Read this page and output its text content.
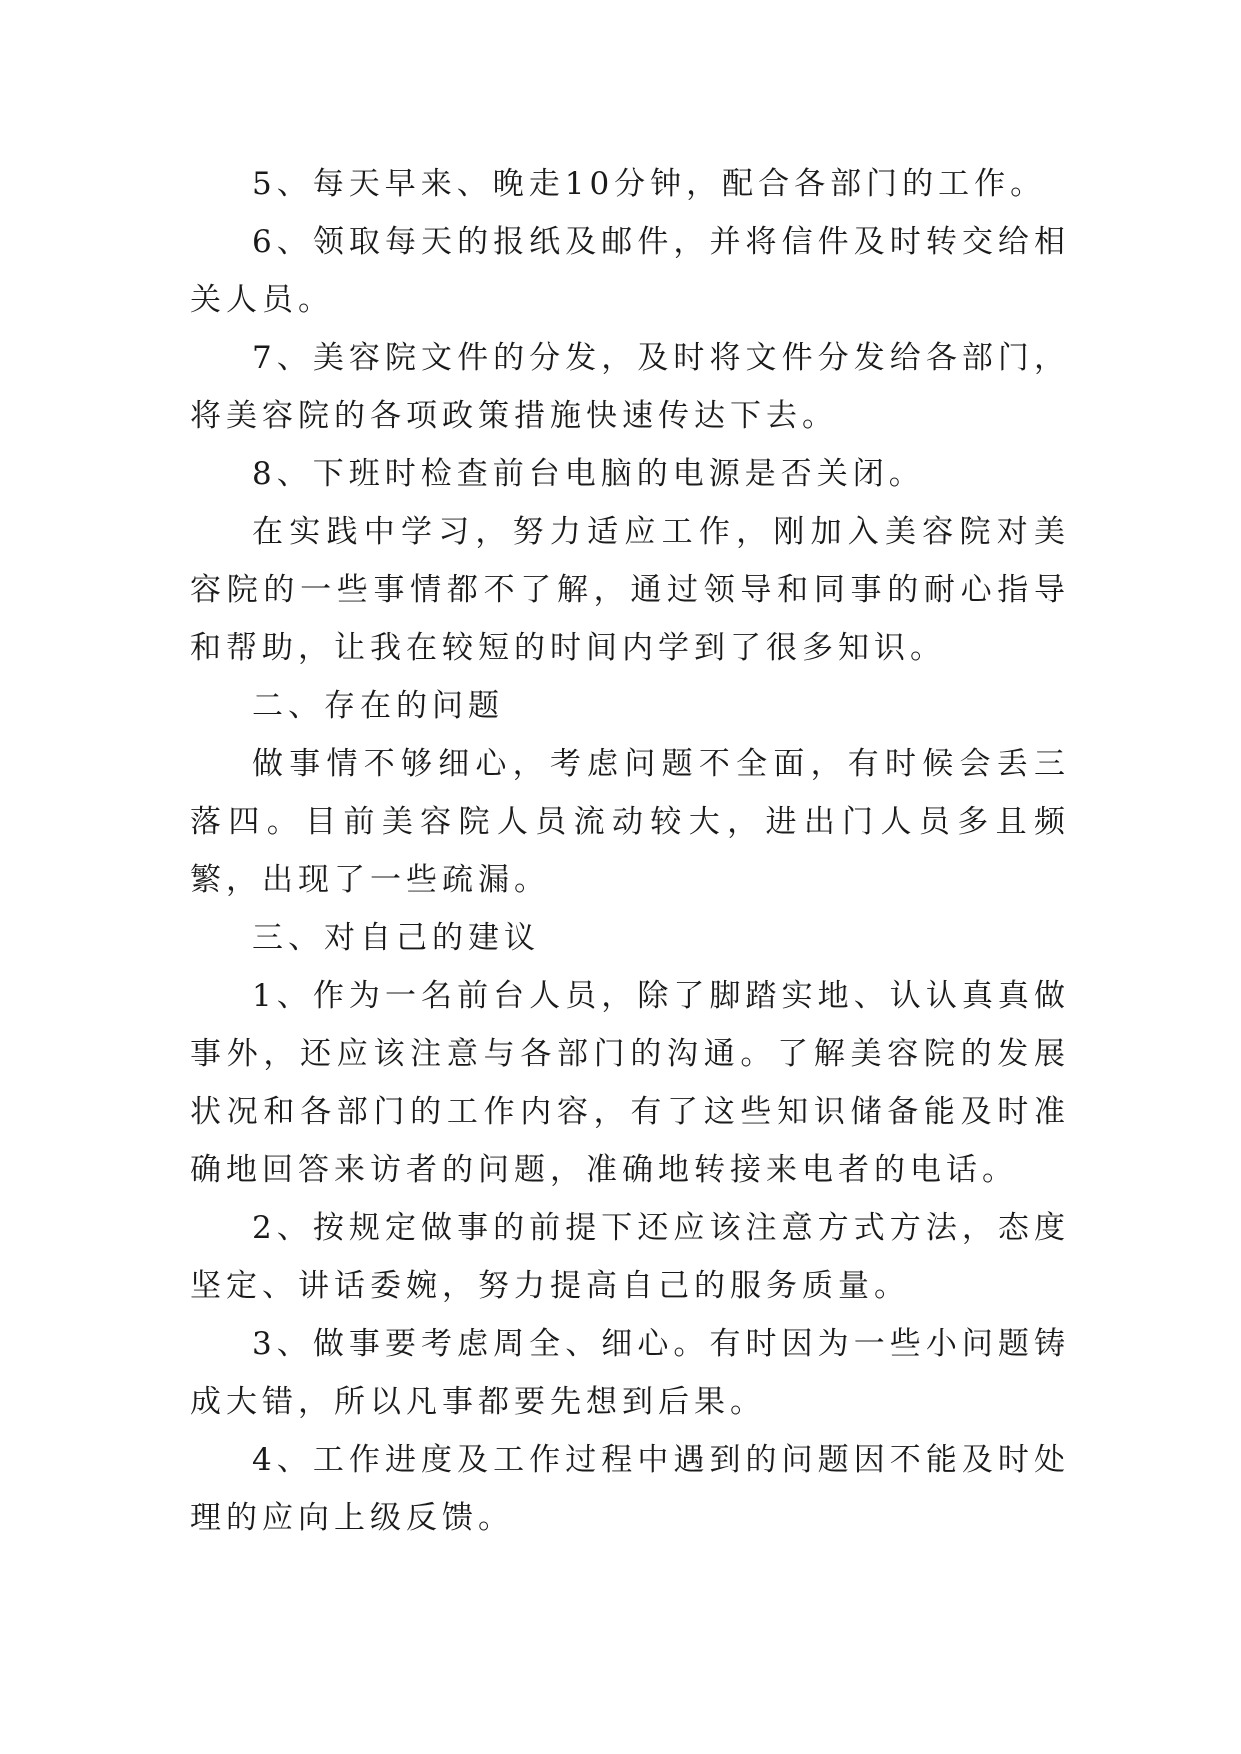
5、每天早来、晚走10分钟，配合各部门的工作。

6、领取每天的报纸及邮件，并将信件及时转交给相关人员。

7、美容院文件的分发，及时将文件分发给各部门，将美容院的各项政策措施快速传达下去。

8、下班时检查前台电脑的电源是否关闭。

在实践中学习，努力适应工作，刚加入美容院对美容院的一些事情都不了解，通过领导和同事的耐心指导和帮助，让我在较短的时间内学到了很多知识。

二、存在的问题

做事情不够细心，考虑问题不全面，有时候会丢三落四。目前美容院人员流动较大，进出门人员多且频繁，出现了一些疏漏。

三、对自己的建议

1、作为一名前台人员，除了脚踏实地、认认真真做事外，还应该注意与各部门的沟通。了解美容院的发展状况和各部门的工作内容，有了这些知识储备能及时准确地回答来访者的问题，准确地转接来电者的电话。

2、按规定做事的前提下还应该注意方式方法，态度坚定、讲话委婉，努力提高自己的服务质量。

3、做事要考虑周全、细心。有时因为一些小问题铸成大错，所以凡事都要先想到后果。

4、工作进度及工作过程中遇到的问题因不能及时处理的应向上级反馈。
